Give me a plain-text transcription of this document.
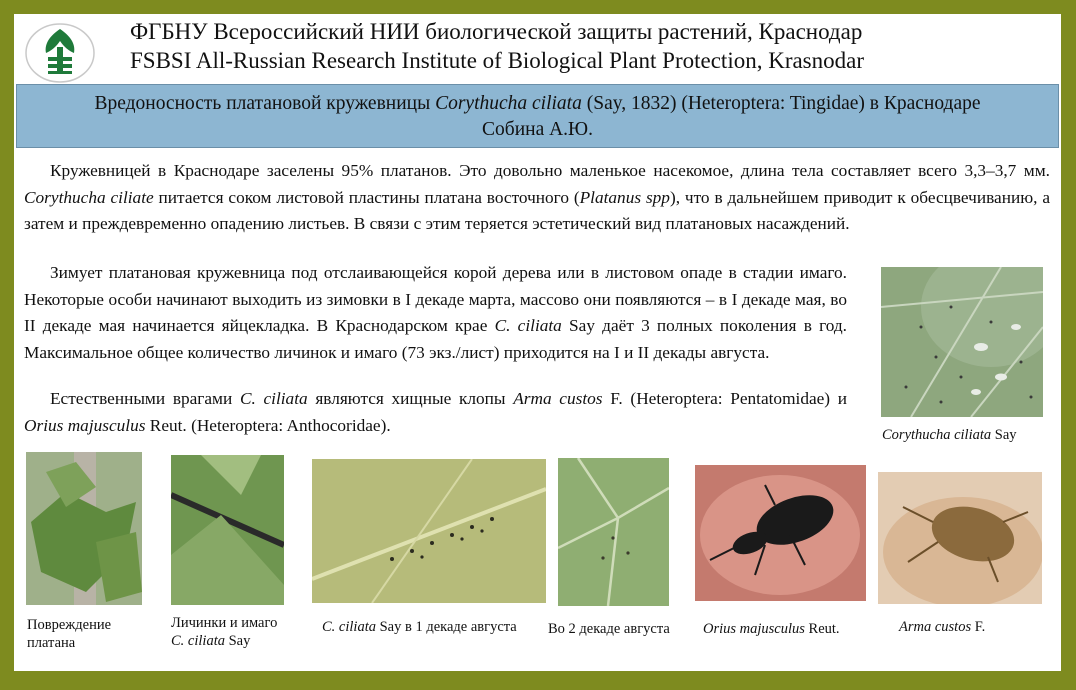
ФГБНУ Всероссийский НИИ биологической защиты растений, Краснодар
FSBSI All-Russian Research Institute of Biological Plant Protection, Krasnodar
Вредоносность платановой кружевницы Corythucha ciliata (Say, 1832) (Heteroptera: Tingidae) в Краснодаре
Собина А.Ю.

Кружевницей в Краснодаре заселены 95% платанов. Это довольно маленькое насекомое, длина тела составляет всего 3,3–3,7 мм. Corythucha ciliate питается соком листовой пластины платана восточного (Platanus spp), что в дальнейшем приводит к обесцвечиванию, а затем и преждевременно опадению листьев. В связи с этим теряется эстетический вид платановых насаждений.

Зимует платановая кружевница под отслаивающейся корой дерева или в листовом опаде в стадии имаго. Некоторые особи начинают выходить из зимовки в I декаде марта, массово они появляются – в I декаде мая, во II декаде мая начинается яйцекладка. В Краснодарском крае C. ciliata Say даёт 3 полных поколения в год. Максимальное общее количество личинок и имаго (73 экз./лист) приходится на I и II декады августа.

Естественными врагами C. ciliata являются хищные клопы Arma custos F. (Heteroptera: Pentatomidae) и Orius majusculus Reut. (Heteroptera: Anthocoridae).

Corythucha ciliata Say
Повреждение
платана
Личинки и имаго
C. ciliata Say
C. ciliata Say в 1 декаде августа Во 2 декаде августа Orius majusculus Reut.	Arma custos F.
